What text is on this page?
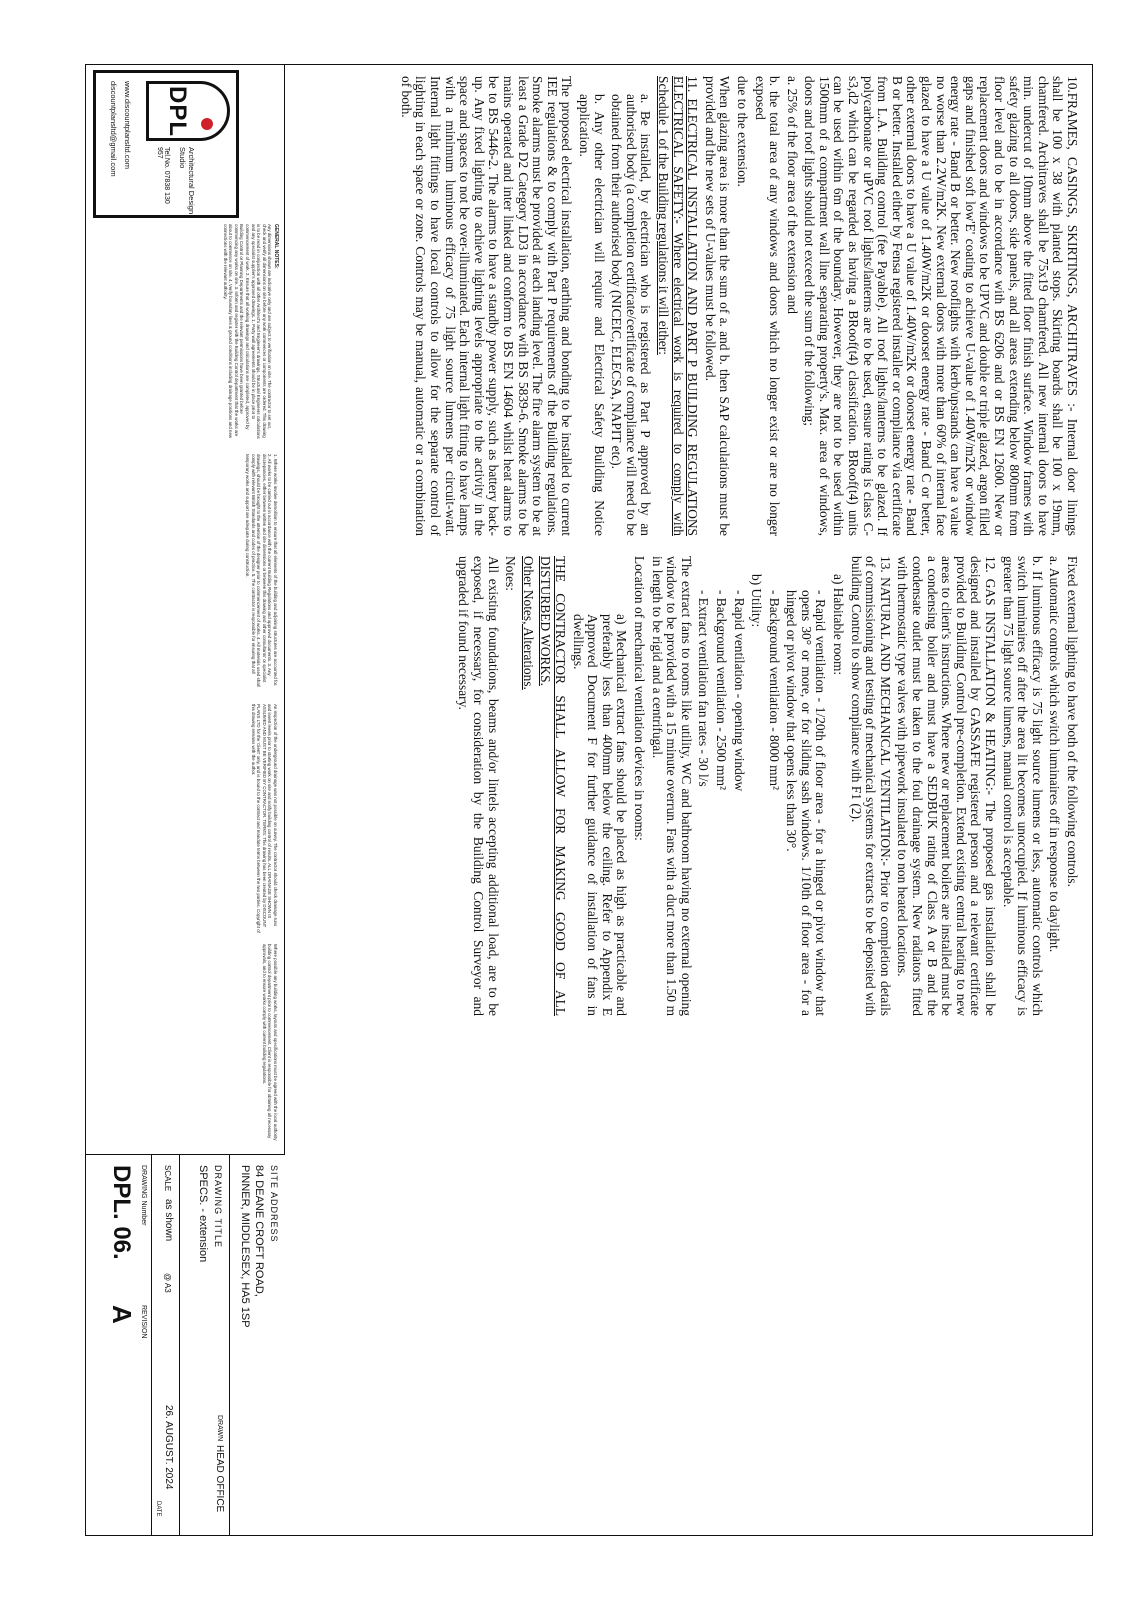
10.FRAMES, CASINGS, SKIRTINGS, ARCHITRAVES :- Internal door linings shall be 100 x 38 with planted stops. Skirting boards shall be 100 x 19mm, chamfered. Architraves shall be 75x19 chamfered. All new internal doors to have min. undercut of 10mm above the fitted floor finish surface. Window frames with safety glazing to all doors, side panels, and all areas extending below 800mm from floor level and to be in accordance with BS 6206 and or BS EN 12600. New or replacement doors and windows to be UPVC and double or triple glazed, argon filled gaps and finished soft low'E' coating to achieve U-value of 1.40W/m2K or window energy rate - Band B or better. New rooflights with kerb/upstands can have a value no worse than 2.2W/m2K. New external doors with more than 60% of internal face glazed to have a U value of 1.40W/m2K or doorset energy rate - Band C or better, other external doors to have a U value of 1.40W/m2K or doorset energy rate - Band B or better. Installed either by Fensa registered installer or compliance via certificate from L.A. Building control (fee Payable). All roof lights/lanterns to be glazed. If polycarbonate or uPVC roof lights/lanterns are to be used, ensure rating is class C-s3,d2 which can be regarded as having a BRoof(t4) classification. BRoof(t4) units can be used within 6m of the boundary. However, they are not to be used within 1500mm of a compartment wall line separating property's. Max. area of windows, doors and roof lights should not exceed the sum of the following;

a. 25% of the floor area of the extension and

b. the total area of any windows and doors which no longer exist or are no longer exposed

due to the extension.

When glazing area is more than the sum of a. and b. then SAP calculations must be provided and the new sets of U-values must be followed.

11. ELECTRICAL INSTALLATION AND PART P BUILDING REGULATIONS ELECTRICAL SAFETY:- Where electrical work is required to comply with Schedule 1 of the Building regulations it will either:

a. Be installed, by electrician who is registered as Part P approved by an authorised body (a completion certificate/certificate of compliance will need to be obtained from their authorised body (NICEIC, ELECSA, NAPIT etc).

b. Any other electrician will require and Electrical Safety Building Notice application.

The proposed electrical installation, earthing and bonding to be installed to current IEE regulations & to comply with Part P requirements of the Building regulations. Smoke alarms must be provided at each landing level. The fire alarm system to be at least a Grade D2 Category LD3 in accordance with BS 5839-6. Smoke alarms to be mains operated and inter linked and conform to BS EN 14604 whilst heat alarms to be to BS 5446-2. The alarms to have a standby power supply, such as battery back-up. Any fixed lighting to achieve lighting levels appropriate to the activity in the space and spaces to not be over-illuminated. Each internal light fitting to have lamps with a minimum luminous efficacy of 75 light source lumens per circuit-watt. Internal light fittings to have local controls to allow for the separate control of lighting in each space or zone. Controls may be manual, automatic or a combination of both.

Fixed external lighting to have both of the following controls.

a. Automatic controls which switch luminaires off in response to daylight.

b. If luminous efficacy is 75 light source lumens or less, automatic controls which switch luminaires off after the area lit becomes unoccupied. If luminous efficacy is greater than 75 light source lumens, manual control is acceptable.

12. GAS INSTALLATION & HEATING:- The proposed gas installation shall be designed and installed by GASSAFE registered person and a relevant certificate provided to Building Control pre-completion. Extend existing central heating to new areas to client's instructions. Where new or replacement boilers are installed must be a condensing boiler and must have a SEDBUK rating of Class A or B and the condensate outlet must be taken to the foul drainage system. New radiators fitted with thermostatic type valves with pipework insulated to non heated locations.

13. NATURAL AND MECHANICAL VENTILATION:- Prior to completion details of commissioning and testing of mechanical systems for extracts to be deposited with building Control to show compliance with F1 (2).

a) Habitable room:

- Rapid ventilation - 1/20th of floor area - for a hinged or pivot window that opens 30° or more, or for sliding sash windows. 1/10th of floor area - for a hinged or pivot window that opens less than 30°.

- Background ventilation - 8000 mm²

b) Utility:

- Rapid ventilation - opening window

- Background ventilation - 2500 mm²

- Extract ventilation fan rates - 30 l/s

The extract fans to rooms like utility, WC and bathroom having no external opening window to be provided with a 15 minute overrun. Fans with a duct more than 1.50 m in length to be rigid and a centrifugal.

Location of mechanical ventilation devices in rooms:

a) Mechanical extract fans should be placed as high as practicable and preferably less than 400mm below the ceiling. Refer to Appendix E Approved Document F for further guidance of installation of fans in dwellings.

THE CONTRACTOR SHALL ALLOW FOR MAKING GOOD OF ALL DISTURBED WORKS.

Other Notes, Alterations.

Notes:

All existing foundations, beams and/or lintels accepting additional load, are to be exposed, if necessary, for consideration by the Building Control Surveyor and upgraded if found necessary.

GENERAL NOTES:
Any dimensions shown are indicative only and are subject to verification on site. The contractor to set out, check and verify all dimensions on site before any work commences or components are ordered. This drawing is to be read in conjunction with all other Architect's and Engineer's drawings, Structural Engineers calculations and any specialist supplier's approved drawings. 1. Party wall agreements should be in place prior to commencement of work. 2. Ensure that all working drawings and calculations are completed, approved by Building Control or Planning Departments and the relevant permissions have been granted before commencing any works on site. 3. Inform and register with the Building Control department that the works are about to commence on site. 4. Verify boundary lines & ground conditions including drainage positions and new connections with the relevant authority.
1. Where works involve demolition to ensure that all elements of the building and adjoining structures are accounted for. 2. All works to be carried out in accordance with the current Building Regulations and approved documents. 3. Any discrepancies, either between written and site dimensions or between this drawing and other consultants' or specialist drawings, should be brought to the attention of the designer prior to commencement of works. 4. All materials used shall comply with relevant British Standards and codes of practice. 5. The contractor is responsible for ensuring that all temporary works and support are adequate during construction.
An inspection of the underground drainage was not possible on survey. The contractor should check drainage runs and invert levels prior to starting work on site and notify building control of results. ALL DRAINAGE SHOWN IS ASSUMED AND MUST BE VERIFIED BY CONTRACTOR. TERMS: This drawing has been created by DISCOUNT PLANS LTD for the 'client' only, and is bound to the contract and mandate terms between the two parties. Copyright of this drawing remains with the author.
Where possible any building works, layouts and specifications must be agreed with the local authority building control department prior to commencement. Client is responsible for obtaining all necessary approvals, and to ensure works comply with current building regulations.
DPL
Architectural Design Studio
Tel.No. 07838 130 957
www.discountplansltd.com
discountplansltd@gmail.com
SITE ADDRESS
84 DEANE CROFT ROAD,
PINNER, MIDDLESEX, HA5 1SP
DRAWING TITLE
SPECS. - extension
DRAWN
HEAD OFFICE
SCALE
as shown
@ A3
26. AUGUST. 2024
DATE
DRAWING Number
REVISION
DPL. 06.
A
